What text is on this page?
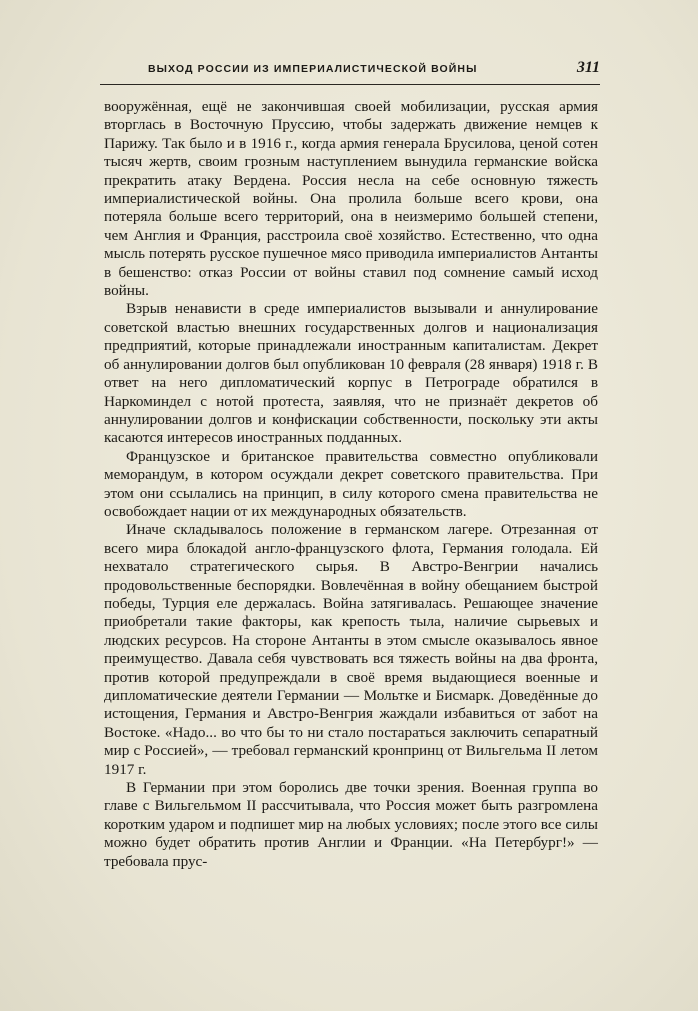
ВЫХОД РОССИИ ИЗ ИМПЕРИАЛИСТИЧЕСКОЙ ВОЙНЫ	311

вооружённая, ещё не закончившая своей мобилизации, русская армия вторглась в Восточную Пруссию, чтобы задержать движение немцев к Парижу. Так было и в 1916 г., когда армия генерала Брусилова, ценой сотен тысяч жертв, своим грозным наступлением вынудила германские войска прекратить атаку Вердена. Россия несла на себе основную тяжесть империалистической войны. Она пролила больше всего крови, она потеряла больше всего территорий, она в неизмеримо большей степени, чем Англия и Франция, расстроила своё хозяйство. Естественно, что одна мысль потерять русское пушечное мясо приводила империалистов Антанты в бешенство: отказ России от войны ставил под сомнение самый исход войны.

Взрыв ненависти в среде империалистов вызывали и аннулирование советской властью внешних государственных долгов и национализация предприятий, которые принадлежали иностранным капиталистам. Декрет об аннулировании долгов был опубликован 10 февраля (28 января) 1918 г. В ответ на него дипломатический корпус в Петрограде обратился в Наркоминдел с нотой протеста, заявляя, что не признаёт декретов об аннулировании долгов и конфискации собственности, поскольку эти акты касаются интересов иностранных подданных.

Французское и британское правительства совместно опубликовали меморандум, в котором осуждали декрет советского правительства. При этом они ссылались на принцип, в силу которого смена правительства не освобождает нации от их международных обязательств.

Иначе складывалось положение в германском лагере. Отрезанная от всего мира блокадой англо-французского флота, Германия голодала. Ей нехватало стратегического сырья. В Австро-Венгрии начались продовольственные беспорядки. Вовлечённая в войну обещанием быстрой победы, Турция еле держалась. Война затягивалась. Решающее значение приобретали такие факторы, как крепость тыла, наличие сырьевых и людских ресурсов. На стороне Антанты в этом смысле оказывалось явное преимущество. Давала себя чувствовать вся тяжесть войны на два фронта, против которой предупреждали в своё время выдающиеся военные и дипломатические деятели Германии — Мольтке и Бисмарк. Доведённые до истощения, Германия и Австро-Венгрия жаждали избавиться от забот на Востоке. «Надо... во что бы то ни стало постараться заключить сепаратный мир с Россией», — требовал германский кронпринц от Вильгельма II летом 1917 г.

В Германии при этом боролись две точки зрения. Военная группа во главе с Вильгельмом II рассчитывала, что Россия может быть разгромлена коротким ударом и подпишет мир на любых условиях; после этого все силы можно будет обратить против Англии и Франции. «На Петербург!» — требовала прус-
